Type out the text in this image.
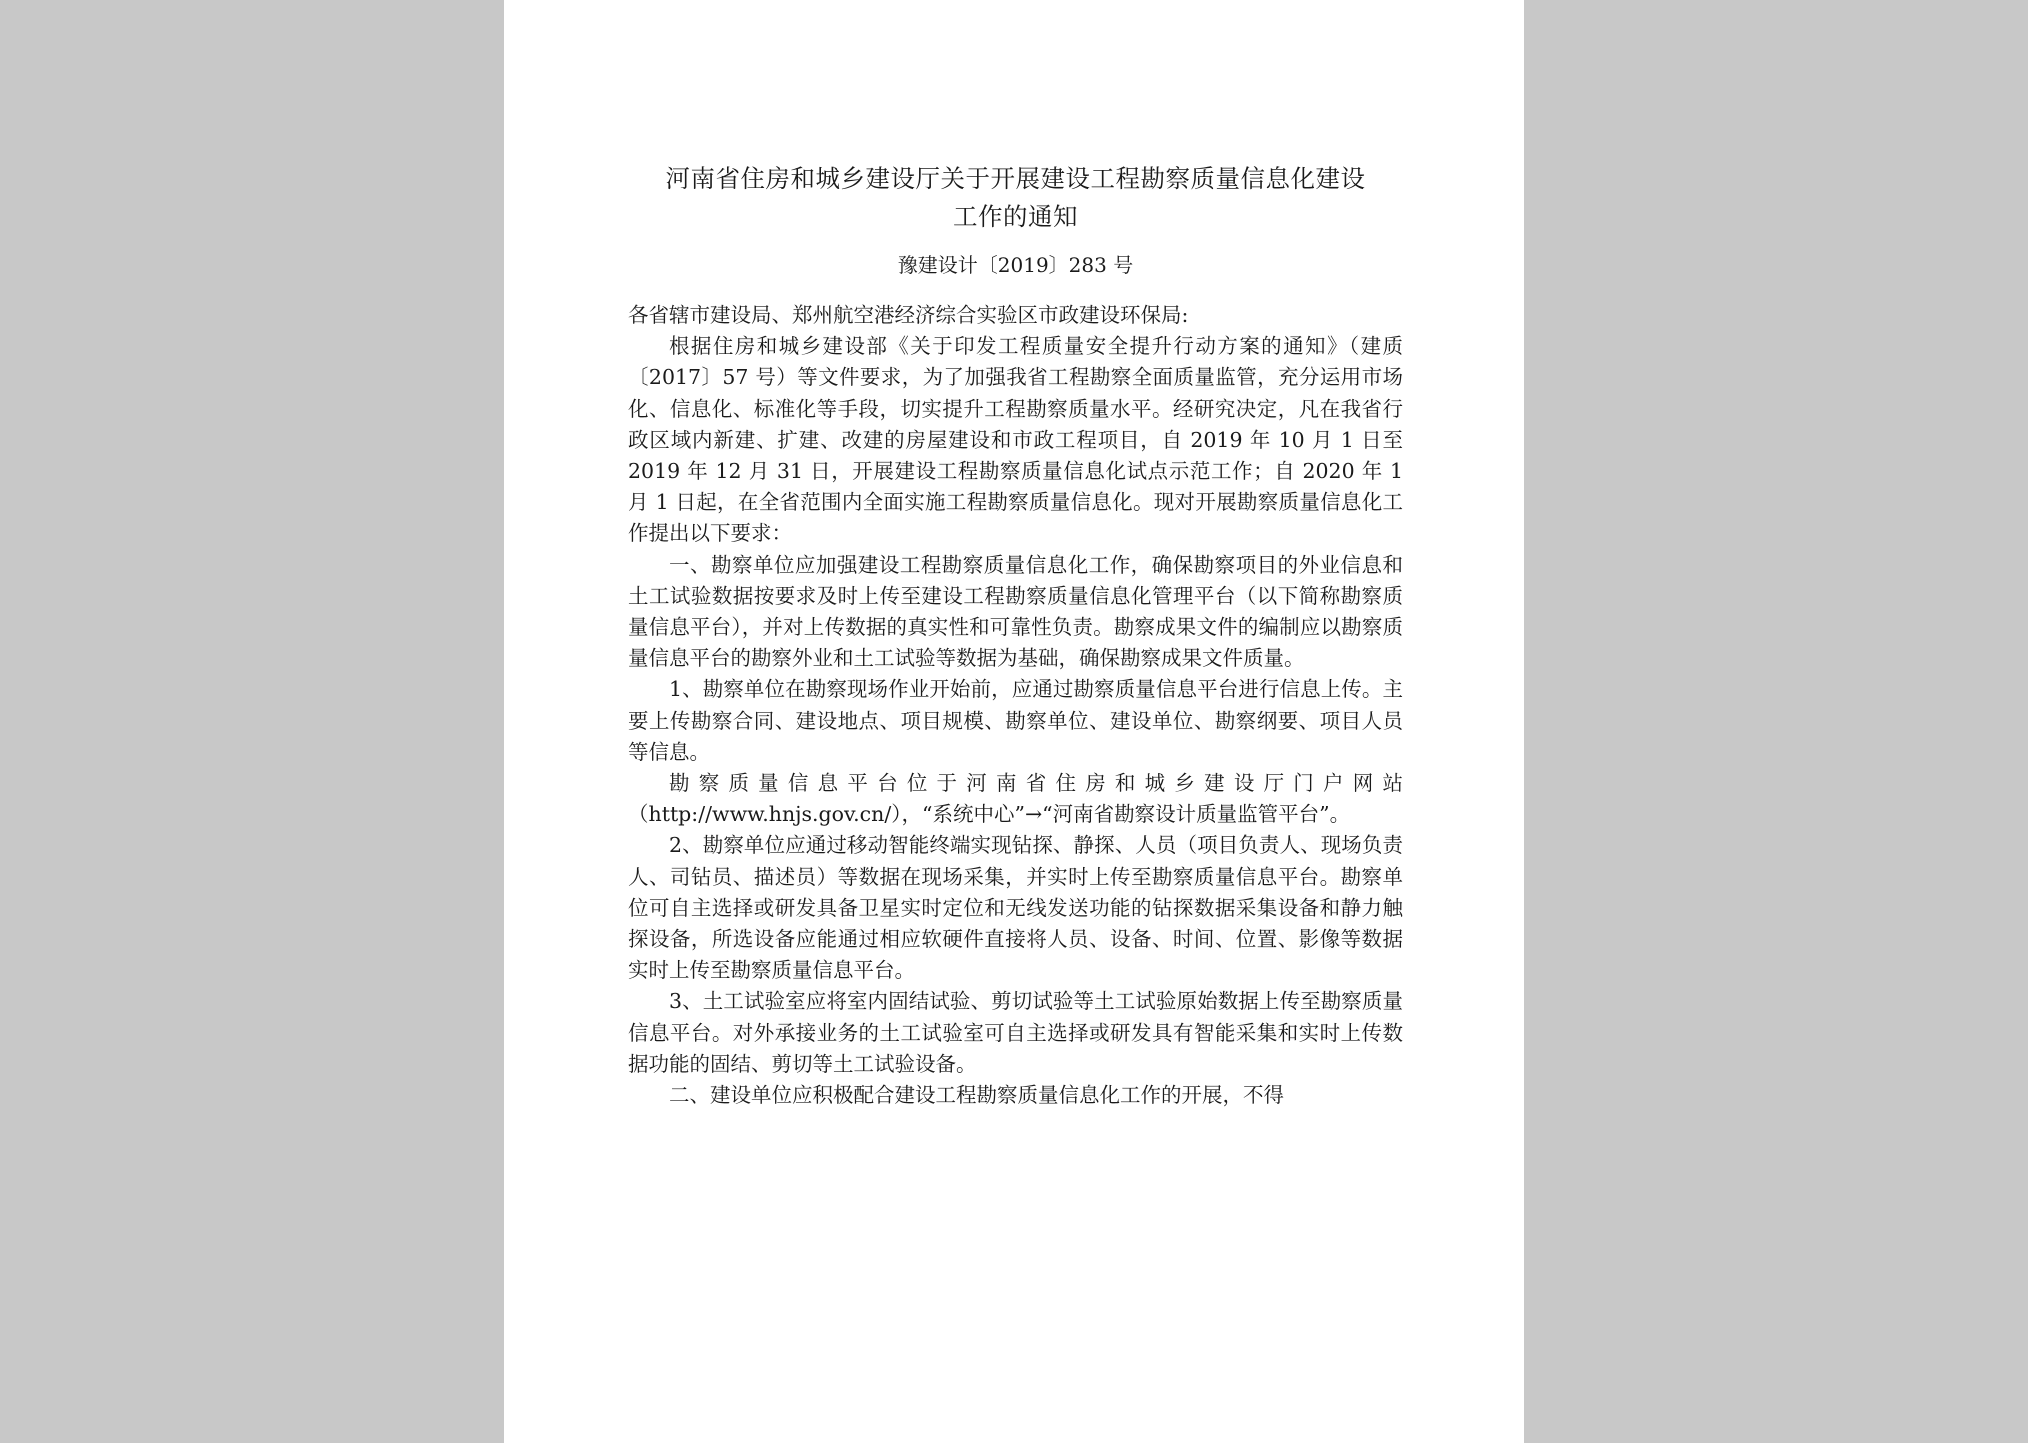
河南省住房和城乡建设厅关于开展建设工程勘察质量信息化建设
工作的通知
豫建设计〔2019〕283 号

各省辖市建设局、郑州航空港经济综合实验区市政建设环保局:

根据住房和城乡建设部《关于印发工程质量安全提升行动方案的通知》（建质〔2017〕57 号）等文件要求，为了加强我省工程勘察全面质量监管，充分运用市场化、信息化、标准化等手段，切实提升工程勘察质量水平。经研究决定，凡在我省行政区域内新建、扩建、改建的房屋建设和市政工程项目，自 2019 年 10 月 1 日至 2019 年 12 月 31 日，开展建设工程勘察质量信息化试点示范工作；自 2020 年 1 月 1 日起，在全省范围内全面实施工程勘察质量信息化。现对开展勘察质量信息化工作提出以下要求：

一、勘察单位应加强建设工程勘察质量信息化工作，确保勘察项目的外业信息和土工试验数据按要求及时上传至建设工程勘察质量信息化管理平台（以下简称勘察质量信息平台），并对上传数据的真实性和可靠性负责。勘察成果文件的编制应以勘察质量信息平台的勘察外业和土工试验等数据为基础，确保勘察成果文件质量。

1、勘察单位在勘察现场作业开始前，应通过勘察质量信息平台进行信息上传。主要上传勘察合同、建设地点、项目规模、勘察单位、建设单位、勘察纲要、项目人员等信息。

勘察质量信息平台位于河南省住房和城乡建设厅门户网站 （http://www.hnjs.gov.cn/），“系统中心”→“河南省勘察设计质量监管平台”。

2、勘察单位应通过移动智能终端实现钻探、静探、人员（项目负责人、现场负责人、司钻员、描述员）等数据在现场采集，并实时上传至勘察质量信息平台。勘察单位可自主选择或研发具备卫星实时定位和无线发送功能的钻探数据采集设备和静力触探设备，所选设备应能通过相应软硬件直接将人员、设备、时间、位置、影像等数据实时上传至勘察质量信息平台。

3、土工试验室应将室内固结试验、剪切试验等土工试验原始数据上传至勘察质量信息平台。对外承接业务的土工试验室可自主选择或研发具有智能采集和实时上传数据功能的固结、剪切等土工试验设备。

二、建设单位应积极配合建设工程勘察质量信息化工作的开展，不得
